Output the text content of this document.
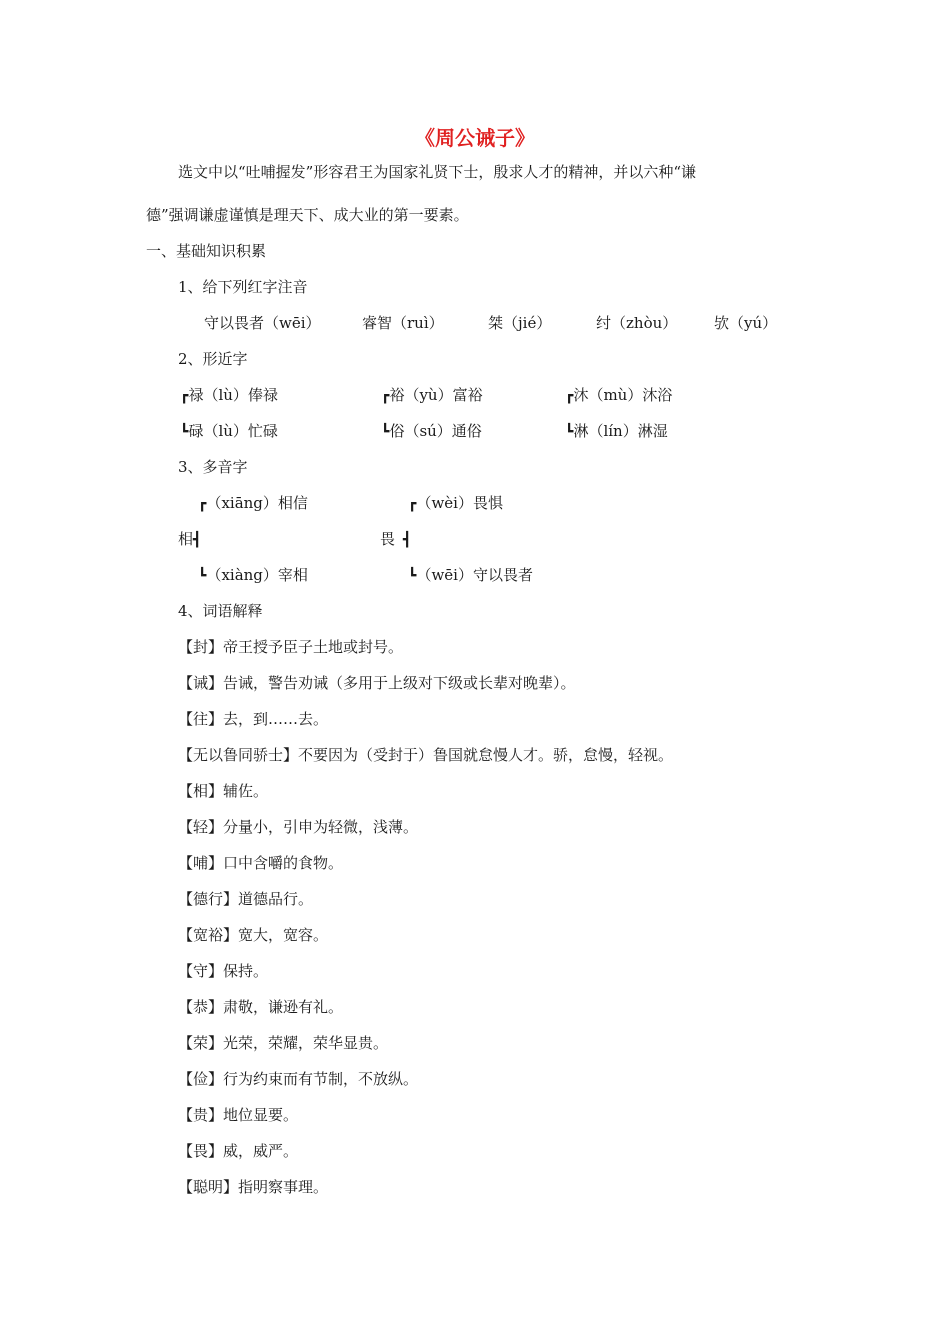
《周公诫子》
选文中以“吐哺握发”形容君王为国家礼贤下士，殷求人才的精神，并以六种“谦
德”强调谦虚谨慎是理天下、成大业的第一要素。
一、基础知识积累
1、给下列红字注音
守以畏者（wēi）	睿智（ruì）	桀（jié）	纣（zhòu） 欤（yú）
2、形近字
┏禄（lù）俸禄
┗碌（lù）忙碌
┏裕（yù）富裕
┗俗（sú）通俗
┏沐（mù）沐浴
┗淋（lín）淋湿
3、多音字
┏（xiāng）相信
相┫
┗（xiàng）宰相
┏（wèi）畏惧
畏 ┫
┗（wēi）守以畏者
4、词语解释
【封】帝王授予臣子土地或封号。
【诫】告诫，警告劝诫（多用于上级对下级或长辈对晚辈）。
【往】去，到……去。
【无以鲁同骄士】不要因为（受封于）鲁国就怠慢人才。骄，怠慢，轻视。
【相】辅佐。
【轻】分量小，引申为轻微，浅薄。
【哺】口中含嚼的食物。
【德行】道德品行。
【宽裕】宽大，宽容。
【守】保持。
【恭】肃敬，谦逊有礼。
【荣】光荣，荣耀，荣华显贵。
【俭】行为约束而有节制，不放纵。
【贵】地位显要。
【畏】威，威严。
【聪明】指明察事理。
